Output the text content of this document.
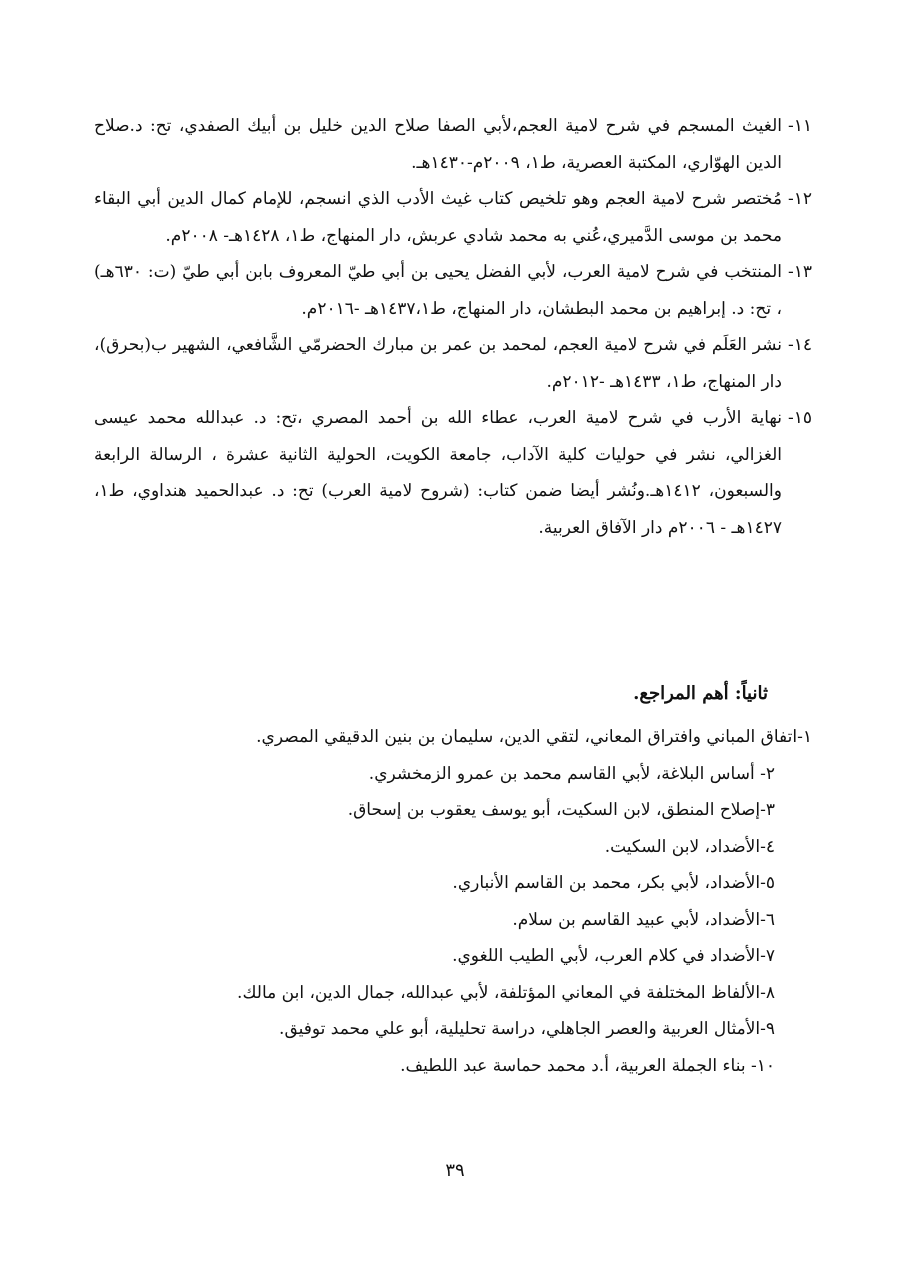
١١-
الغيث المسجم في شرح لامية العجم،لأبي الصفا صلاح الدين خليل بن أبيك الصفدي، تح: د.صلاح الدين الهوّاري، المكتبة العصرية، ط١، ٢٠٠٩م-١٤٣٠هـ.
١٢-
مُختصر شرح لامية العجم وهو تلخيص كتاب غيث الأدب الذي انسجم، للإمام كمال الدين أبي البقاء محمد بن موسى الدَّميري،عُني به محمد شادي عربش، دار المنهاج، ط١، ١٤٢٨هـ- ٢٠٠٨م.
١٣-
المنتخب في شرح لامية العرب، لأبي الفضل يحيى بن أبي طيّ المعروف بابن أبي طيّ (ت: ٦٣٠هـ) ، تح: د. إبراهيم بن محمد البطشان، دار المنهاج، ط١٤٣٧،١هـ -٢٠١٦م.
١٤-
نشر العَلَم في شرح لامية العجم، لمحمد بن عمر بن مبارك الحضرمّي الشَّافعي، الشهير ب(بحرق)، دار المنهاج، ط١، ١٤٣٣هـ -٢٠١٢م.
١٥-
نهاية الأرب في شرح لامية العرب، عطاء الله بن أحمد المصري ،تح: د. عبدالله محمد عيسى الغزالي، نشر في حوليات كلية الآداب، جامعة الكويت، الحولية الثانية عشرة ، الرسالة الرابعة والسبعون، ١٤١٢هـ.ونُشر أيضا ضمن كتاب: (شروح لامية العرب) تح: د. عبدالحميد هنداوي، ط١، ١٤٢٧هـ - ٢٠٠٦م دار الآفاق العربية.
ثانياً: أهم المراجع.
١-اتفاق المباني وافتراق المعاني، لتقي الدين، سليمان بن بنين الدقيقي المصري.
٢- أساس البلاغة، لأبي القاسم محمد بن عمرو الزمخشري.
٣-إصلاح المنطق، لابن السكيت، أبو يوسف يعقوب بن إسحاق.
٤-الأضداد، لابن السكيت.
٥-الأضداد، لأبي بكر، محمد بن القاسم الأنباري.
٦-الأضداد، لأبي عبيد القاسم بن سلام.
٧-الأضداد في كلام العرب، لأبي الطيب اللغوي.
٨-الألفاظ المختلفة في المعاني المؤتلفة، لأبي عبدالله، جمال الدين، ابن مالك.
٩-الأمثال العربية والعصر الجاهلي، دراسة تحليلية، أبو علي محمد توفيق.
١٠- بناء الجملة العربية، أ.د محمد حماسة عبد اللطيف.
٣٩
